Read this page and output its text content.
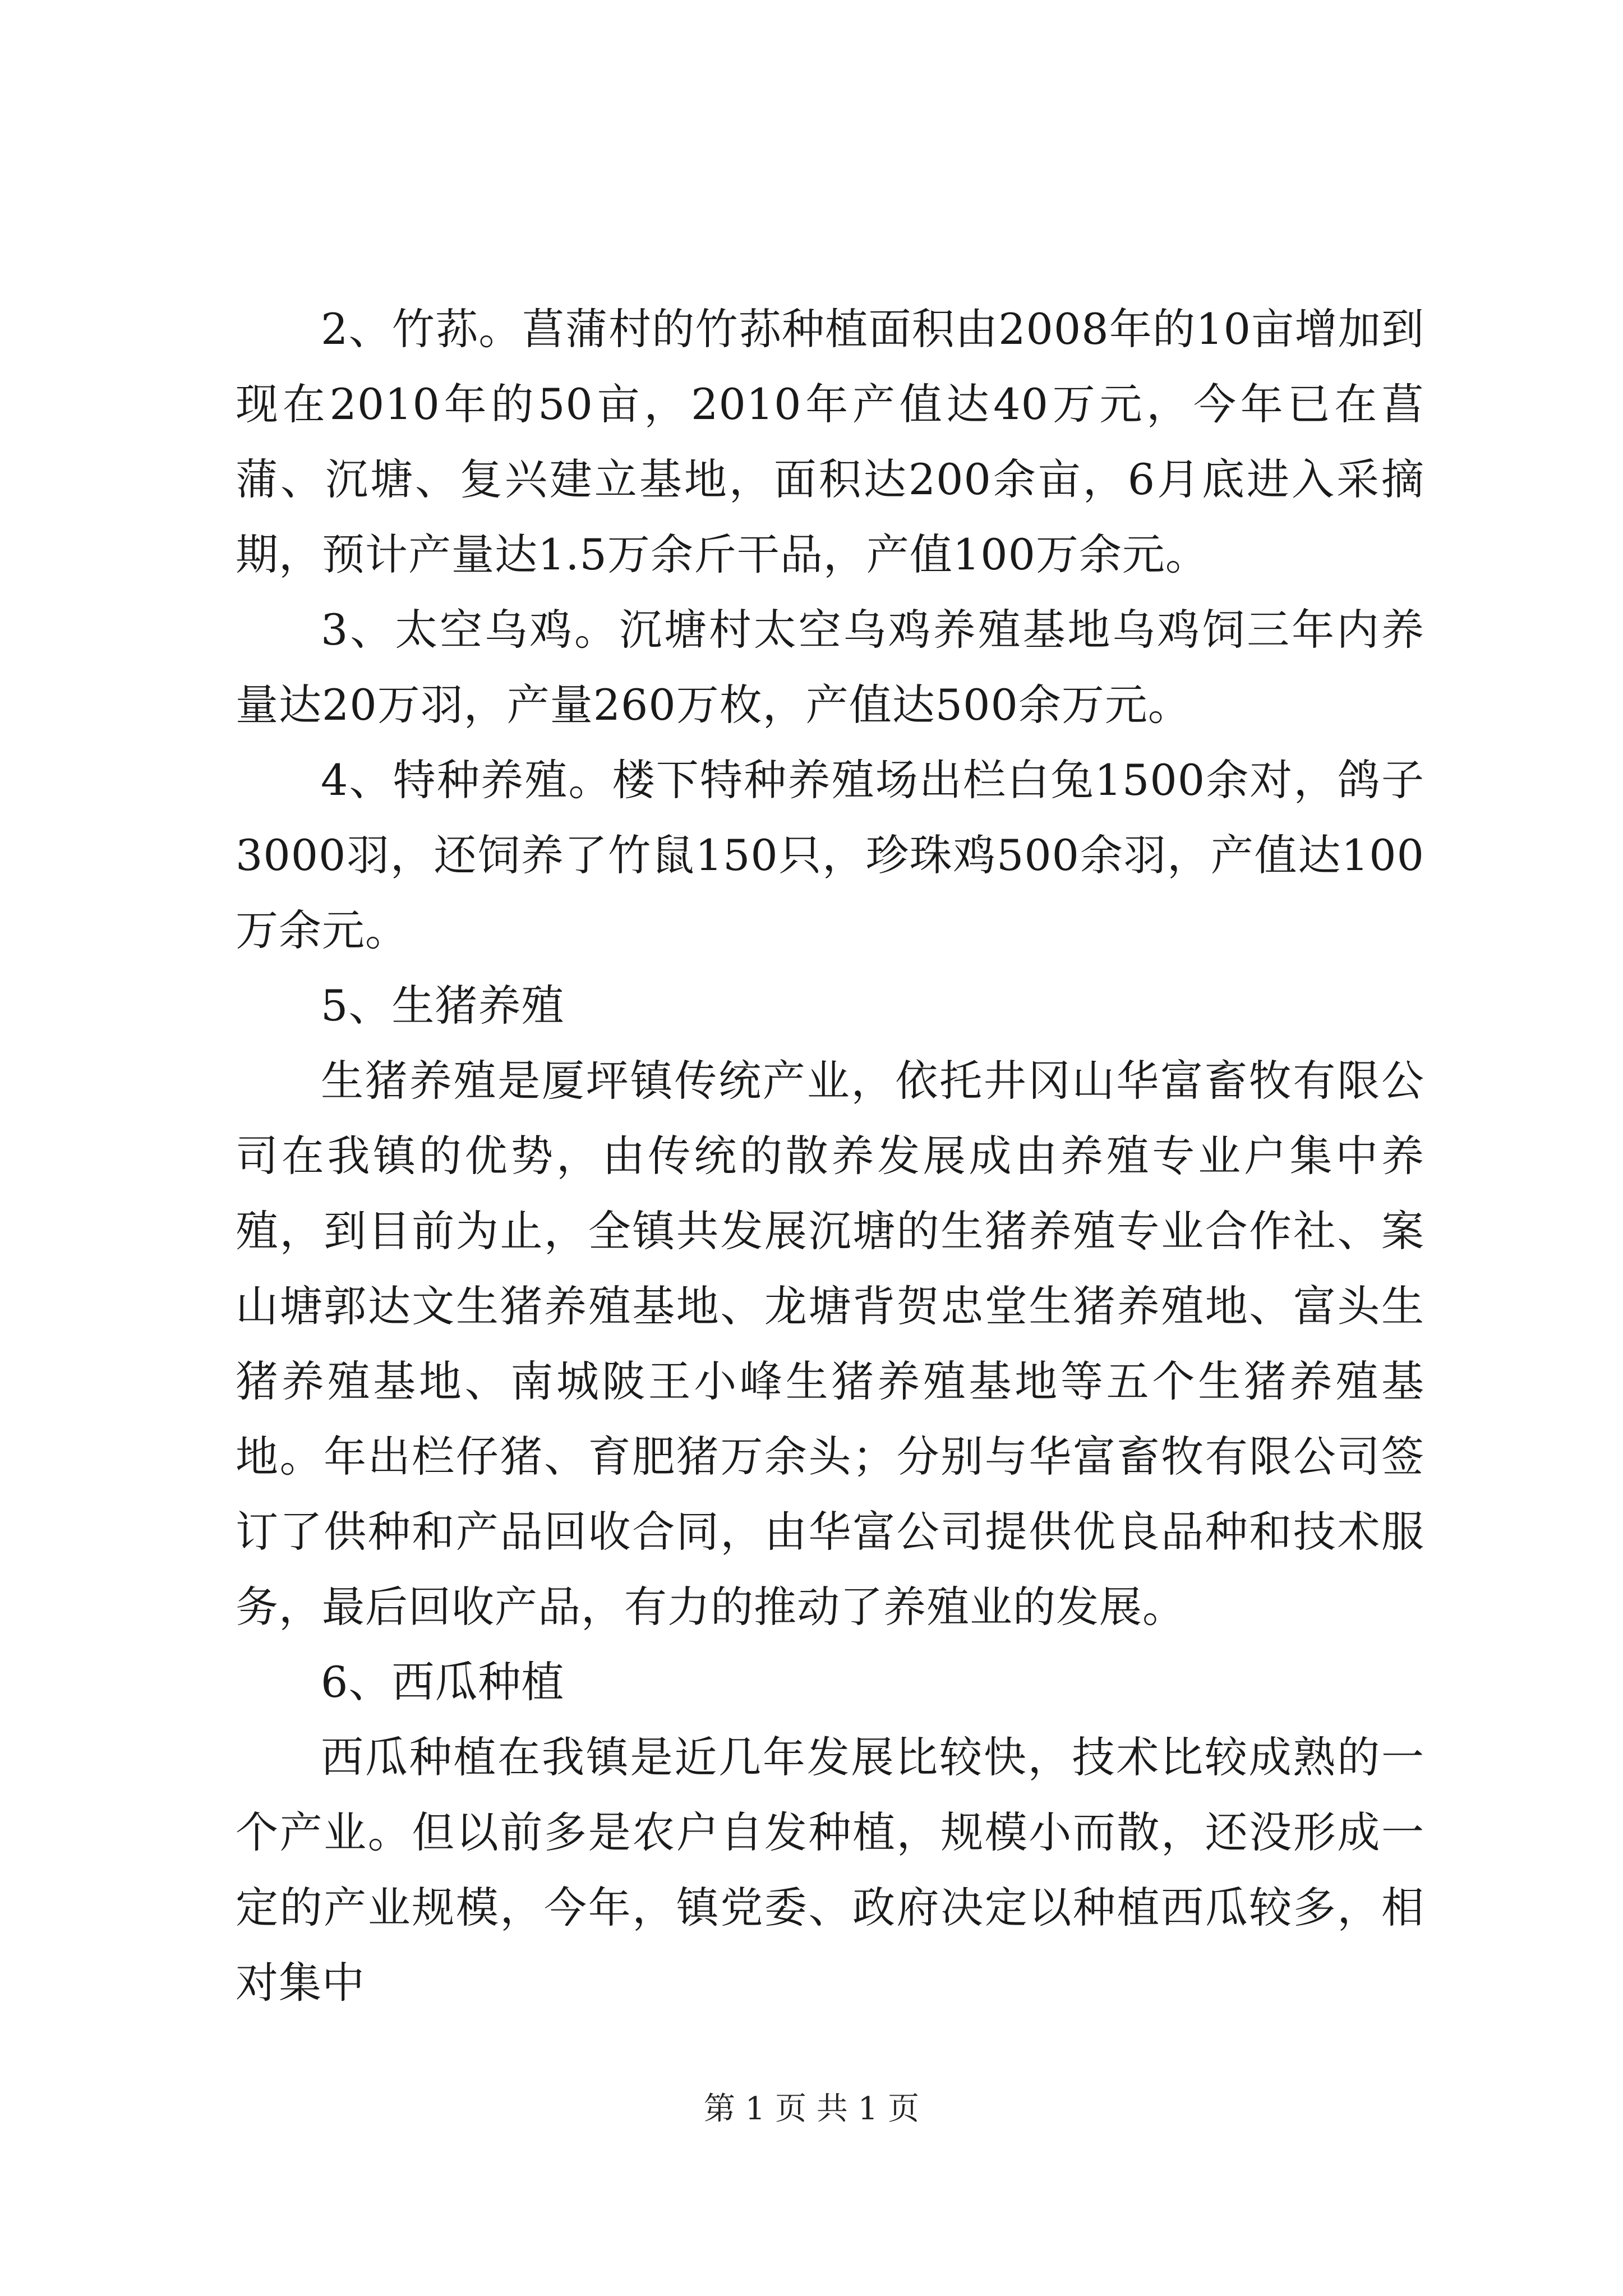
2、竹荪。菖蒲村的竹荪种植面积由2008年的10亩增加到现在2010年的50亩，2010年产值达40万元，今年已在菖蒲、沉塘、复兴建立基地，面积达200余亩，6月底进入采摘期，预计产量达1.5万余斤干品，产值100万余元。

3、太空乌鸡。沉塘村太空乌鸡养殖基地乌鸡饲三年内养量达20万羽，产量260万枚，产值达500余万元。

4、特种养殖。楼下特种养殖场出栏白兔1500余对，鸽子3000羽，还饲养了竹鼠150只，珍珠鸡500余羽，产值达100万余元。

5、生猪养殖

生猪养殖是厦坪镇传统产业，依托井冈山华富畜牧有限公司在我镇的优势，由传统的散养发展成由养殖专业户集中养殖，到目前为止，全镇共发展沉塘的生猪养殖专业合作社、案山塘郭达文生猪养殖基地、龙塘背贺忠堂生猪养殖地、富头生猪养殖基地、南城陂王小峰生猪养殖基地等五个生猪养殖基地。年出栏仔猪、育肥猪万余头；分别与华富畜牧有限公司签订了供种和产品回收合同，由华富公司提供优良品种和技术服务，最后回收产品，有力的推动了养殖业的发展。

6、西瓜种植

西瓜种植在我镇是近几年发展比较快，技术比较成熟的一个产业。但以前多是农户自发种植，规模小而散，还没形成一定的产业规模，今年，镇党委、政府决定以种植西瓜较多，相对集中

第 1 页 共 1 页
